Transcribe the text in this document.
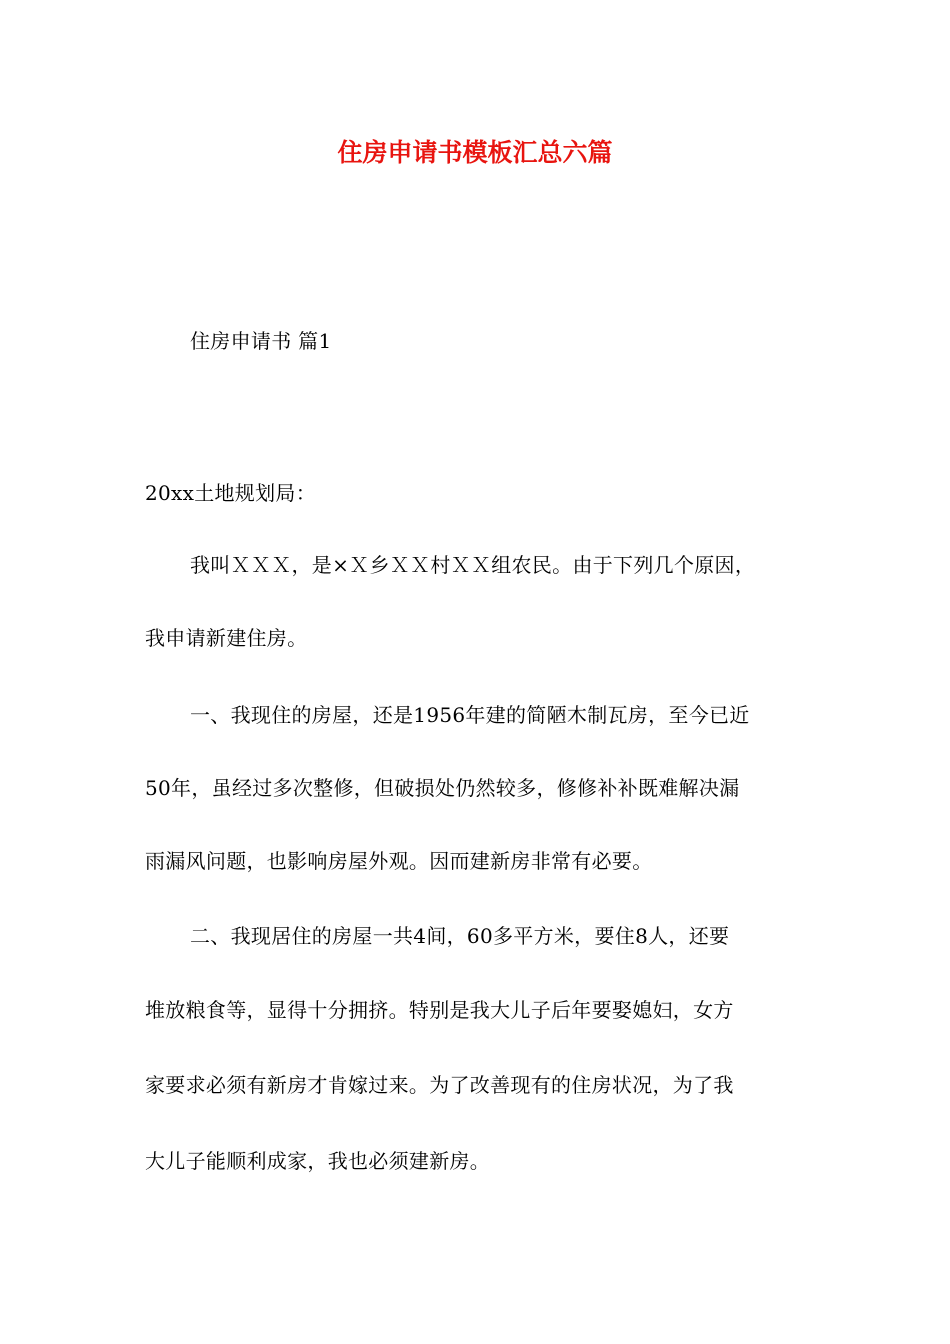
住房申请书模板汇总六篇
住房申请书 篇1
20xx土地规划局：
我叫ＸＸＸ，是×Ｘ乡ＸＸ村ＸＸ组农民。由于下列几个原因，
我申请新建住房。
一、我现住的房屋，还是1956年建的简陋木制瓦房，至今已近
50年，虽经过多次整修，但破损处仍然较多，修修补补既难解决漏
雨漏风问题，也影响房屋外观。因而建新房非常有必要。
二、我现居住的房屋一共4间，60多平方米，要住8人，还要
堆放粮食等，显得十分拥挤。特别是我大儿子后年要娶媳妇，女方
家要求必须有新房才肯嫁过来。为了改善现有的住房状况，为了我
大儿子能顺利成家，我也必须建新房。
